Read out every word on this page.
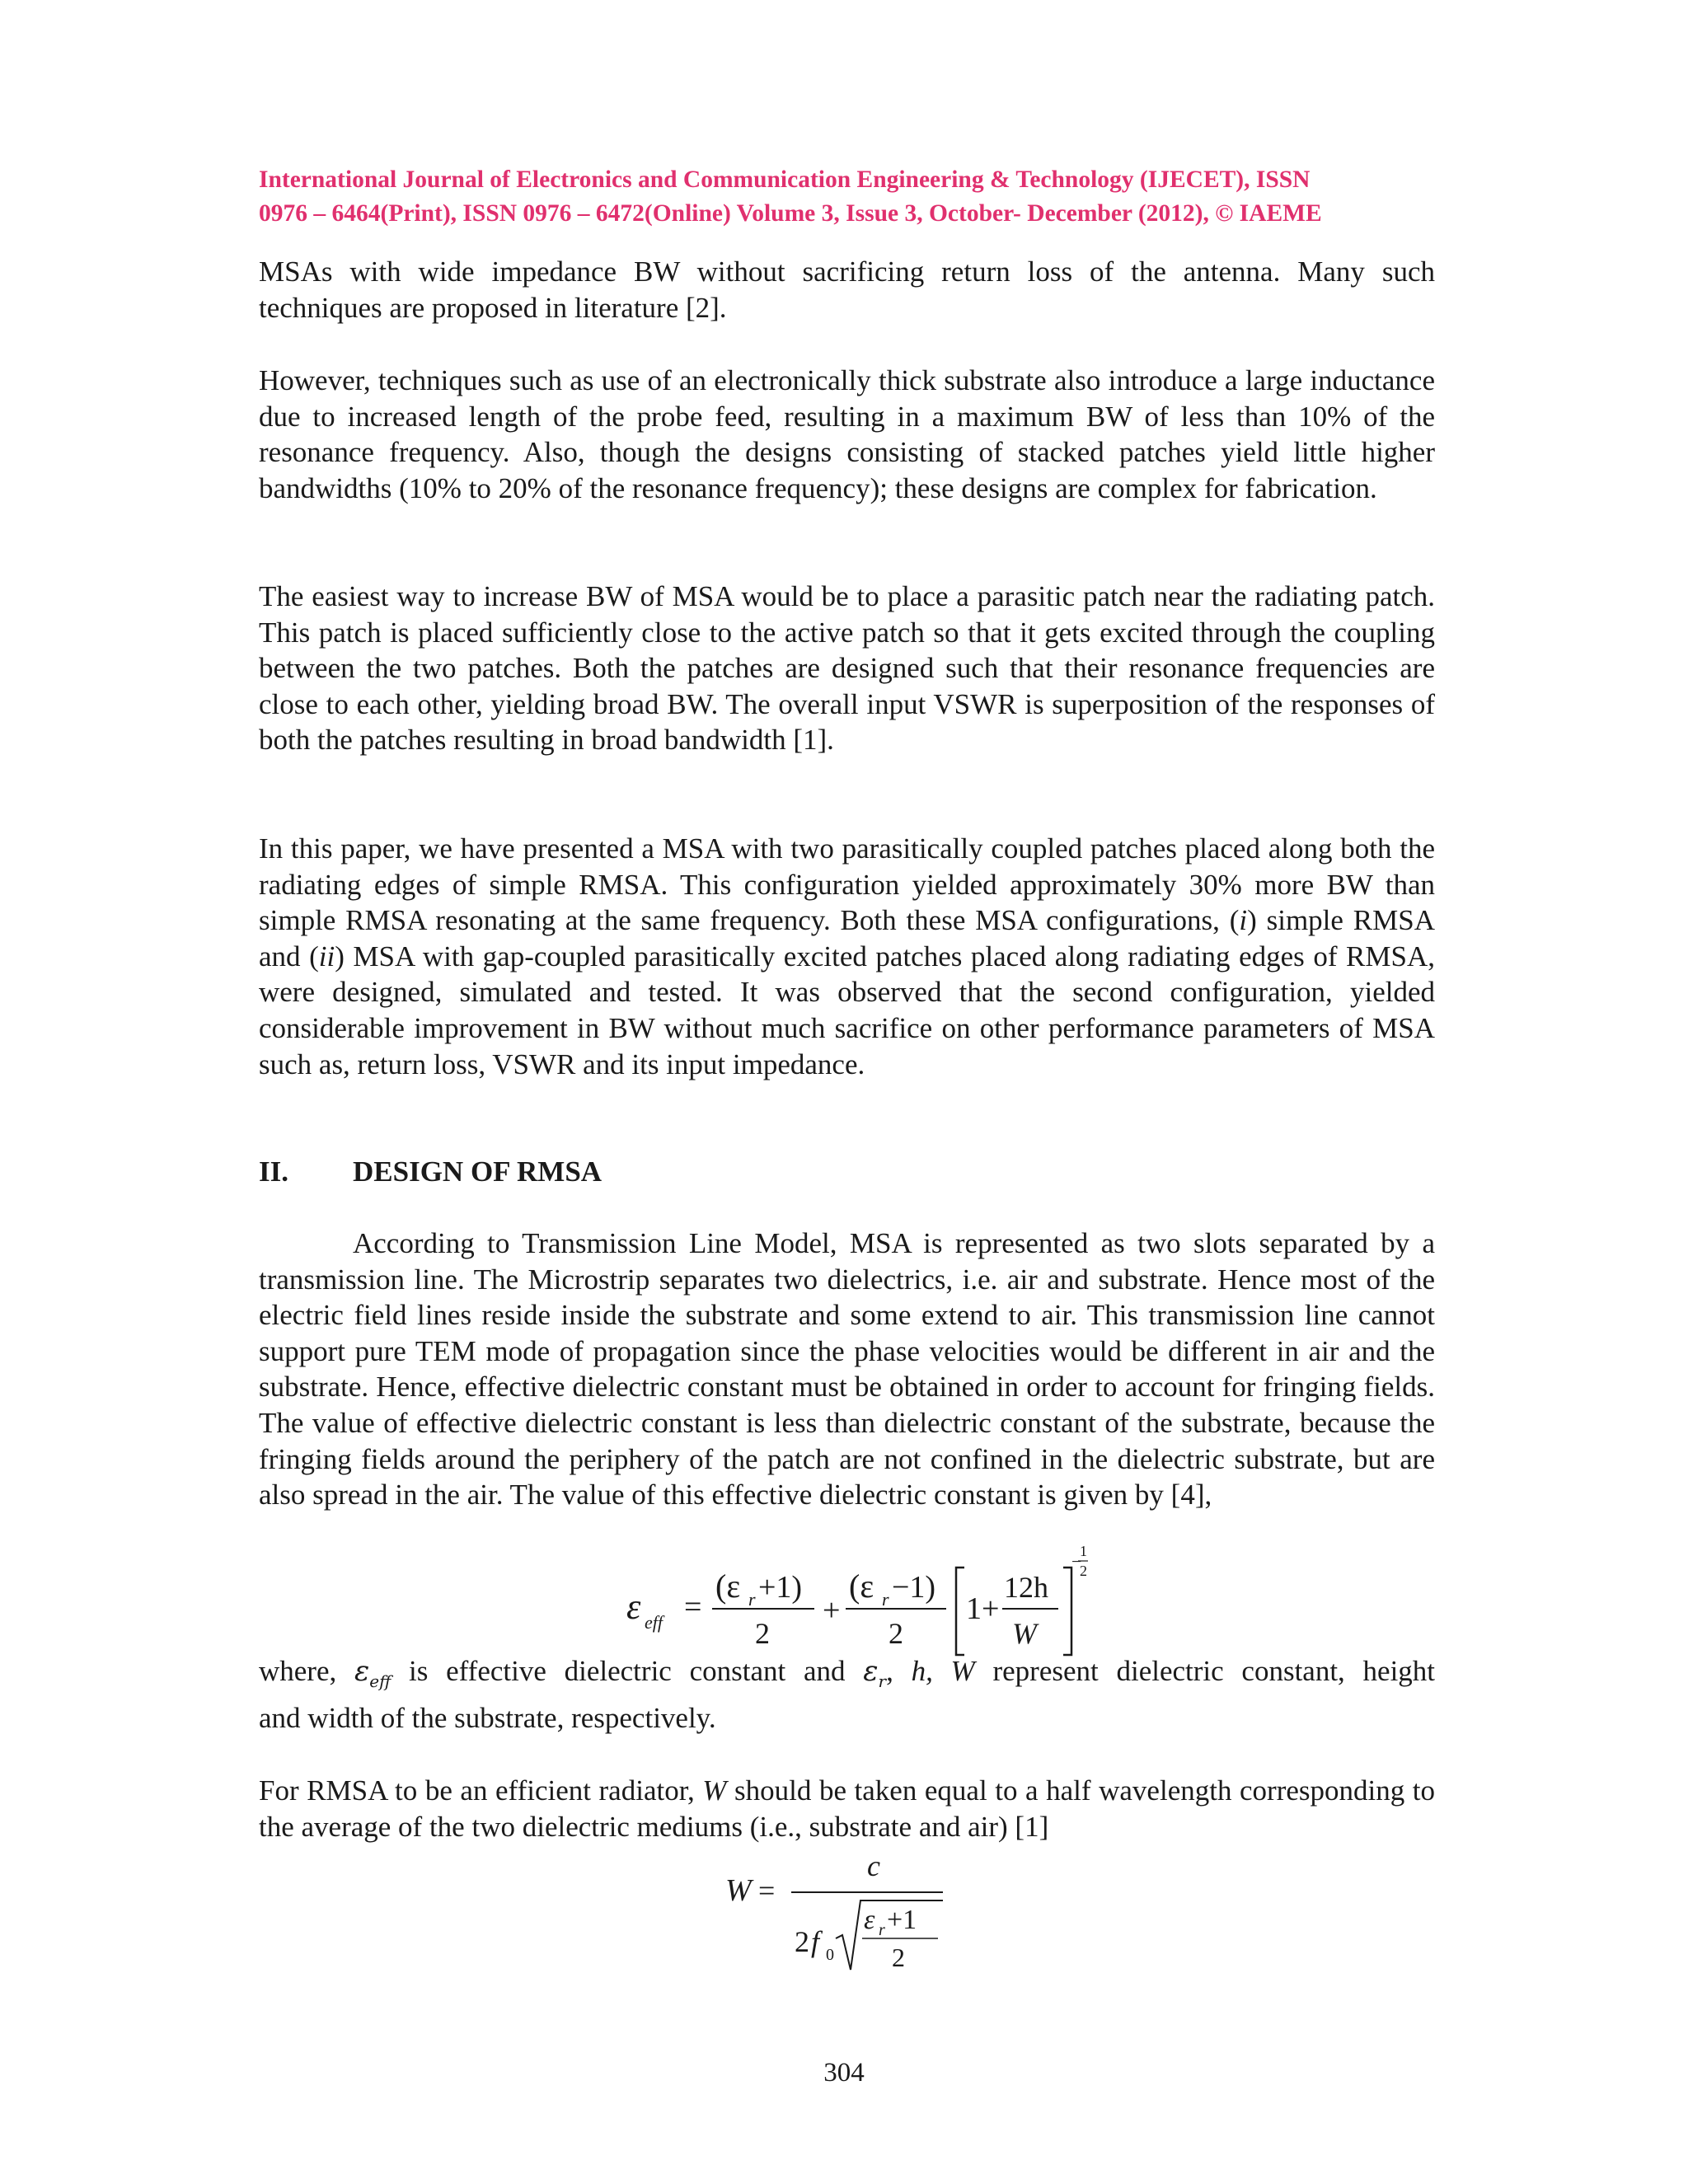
International Journal of Electronics and Communication Engineering & Technology (IJECET), ISSN
0976 – 6464(Print), ISSN 0976 – 6472(Online) Volume 3, Issue 3, October- December (2012), © IAEME

MSAs with wide impedance BW without sacrificing return loss of the antenna. Many such techniques are proposed in literature [2].

However, techniques such as use of an electronically thick substrate also introduce a large inductance due to increased length of the probe feed, resulting in a maximum BW of less than 10% of the resonance frequency. Also, though the designs consisting of stacked patches yield little higher bandwidths (10% to 20% of the resonance frequency); these designs are complex for fabrication.

The easiest way to increase BW of MSA would be to place a parasitic patch near the radiating patch. This patch is placed sufficiently close to the active patch so that it gets excited through the coupling between the two patches. Both the patches are designed such that their resonance frequencies are close to each other, yielding broad BW. The overall input VSWR is superposition of the responses of both the patches resulting in broad bandwidth [1].

In this paper, we have presented a MSA with two parasitically coupled patches placed along both the radiating edges of simple RMSA. This configuration yielded approximately 30% more BW than simple RMSA resonating at the same frequency. Both these MSA configurations, (i) simple RMSA and (ii) MSA with gap-coupled parasitically excited patches placed along radiating edges of RMSA, were designed, simulated and tested. It was observed that the second configuration, yielded considerable improvement in BW without much sacrifice on other performance parameters of MSA such as, return loss, VSWR and its input impedance.

II. DESIGN OF RMSA

According to Transmission Line Model, MSA is represented as two slots separated by a transmission line. The Microstrip separates two dielectrics, i.e. air and substrate. Hence most of the electric field lines reside inside the substrate and some extend to air. This transmission line cannot support pure TEM mode of propagation since the phase velocities would be different in air and the substrate. Hence, effective dielectric constant must be obtained in order to account for fringing fields. The value of effective dielectric constant is less than dielectric constant of the substrate, because the fringing fields around the periphery of the patch are not confined in the dielectric substrate, but are also spread in the air. The value of this effective dielectric constant is given by [4],

ε eff =
(ε r +1)
2
+
(ε r −1)
2
1+
12h
W
−
1
2

where, $\varepsilon_{eff}$ is effective dielectric constant and $\varepsilon_r$, h, W represent dielectric constant, height
and width of the substrate, respectively.

For RMSA to be an efficient radiator, W should be taken equal to a half wavelength corresponding to the average of the two dielectric mediums (i.e., substrate and air) [1]

W =
c
2 f 0
ε r +1
2
304
